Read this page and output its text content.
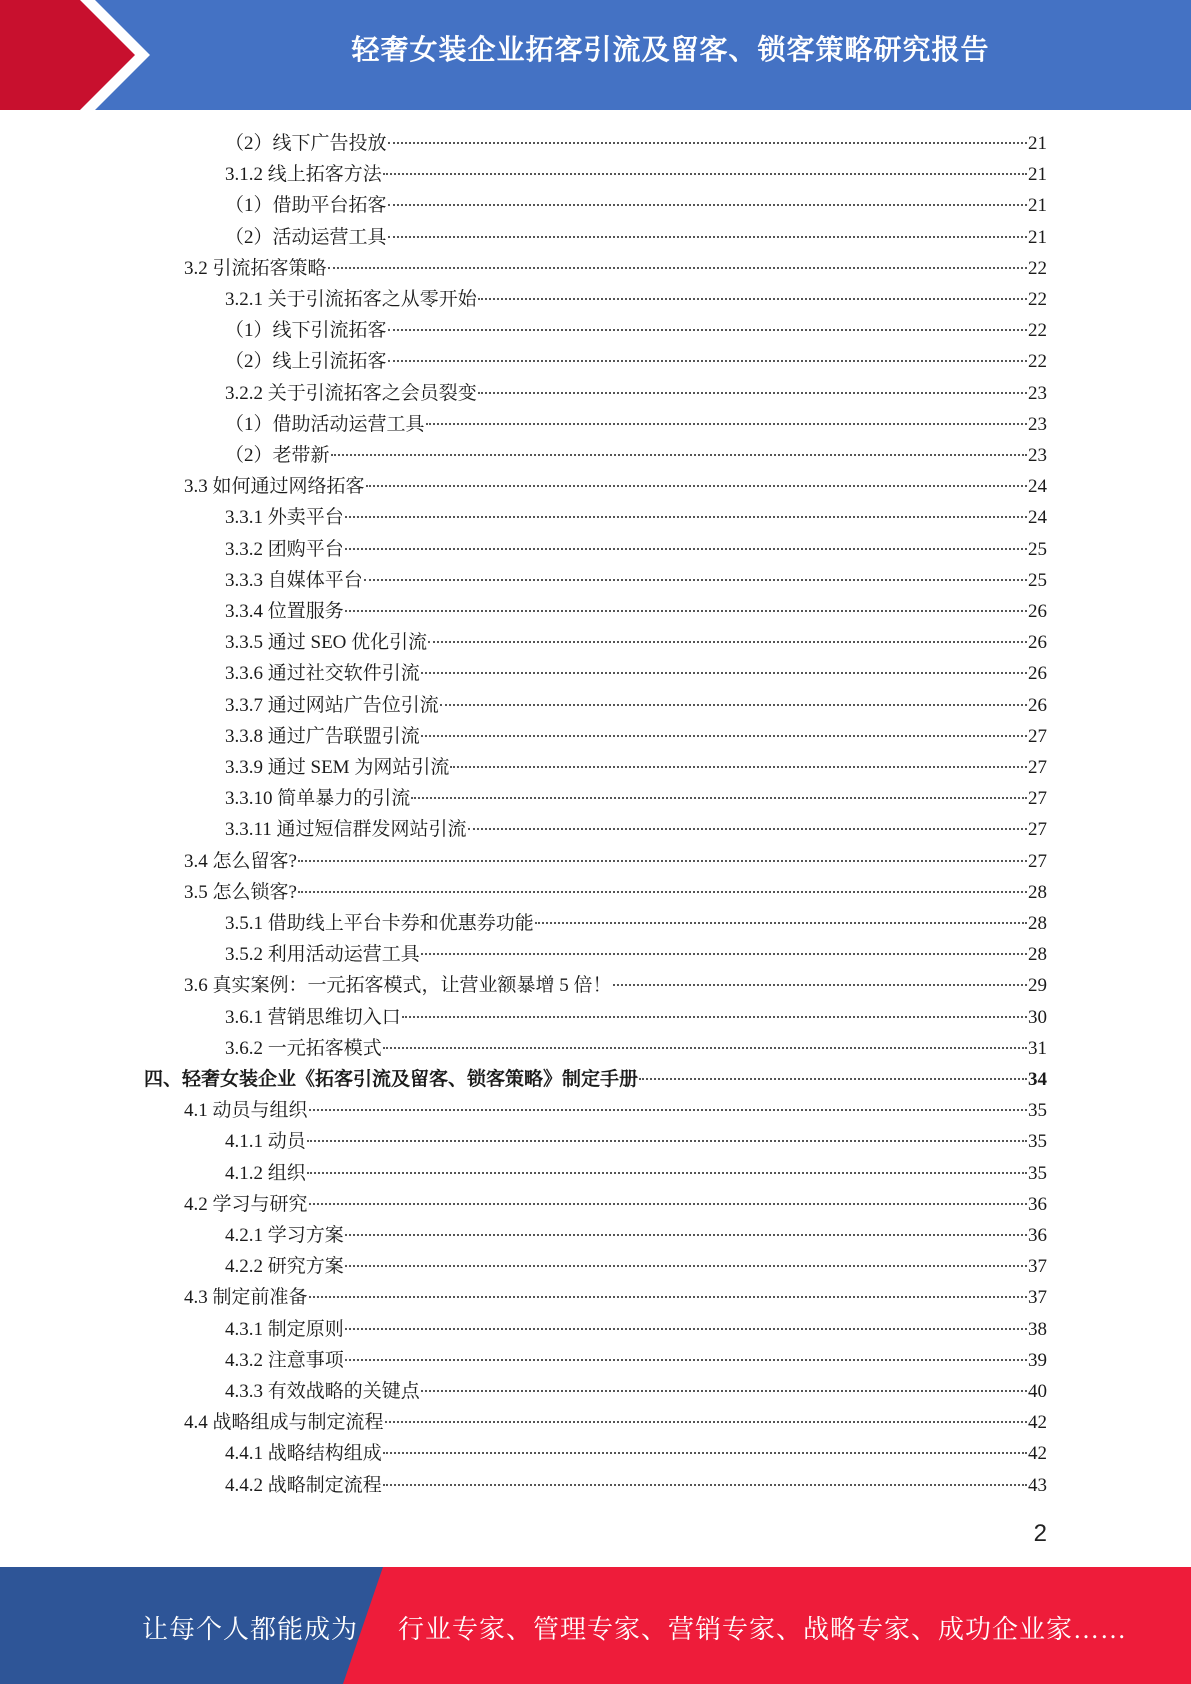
轻奢女装企业拓客引流及留客、锁客策略研究报告
（2）线下广告投放	21
3.1.2 线上拓客方法	21
（1）借助平台拓客	21
（2）活动运营工具	21
3.2 引流拓客策略	22
3.2.1 关于引流拓客之从零开始	22
（1）线下引流拓客	22
（2）线上引流拓客	22
3.2.2 关于引流拓客之会员裂变	23
（1）借助活动运营工具	23
（2）老带新	23
3.3 如何通过网络拓客	24
3.3.1 外卖平台	24
3.3.2 团购平台	25
3.3.3 自媒体平台	25
3.3.4 位置服务	26
3.3.5 通过 SEO 优化引流	26
3.3.6 通过社交软件引流	26
3.3.7 通过网站广告位引流	26
3.3.8 通过广告联盟引流	27
3.3.9 通过 SEM 为网站引流	27
3.3.10 简单暴力的引流	27
3.3.11 通过短信群发网站引流	27
3.4 怎么留客?	27
3.5 怎么锁客?	28
3.5.1 借助线上平台卡券和优惠券功能	28
3.5.2 利用活动运营工具	28
3.6 真实案例：一元拓客模式，让营业额暴增 5 倍！	29
3.6.1 营销思维切入口	30
3.6.2 一元拓客模式	31
四、轻奢女装企业《拓客引流及留客、锁客策略》制定手册	34
4.1 动员与组织	35
4.1.1 动员	35
4.1.2 组织	35
4.2 学习与研究	36
4.2.1 学习方案	36
4.2.2 研究方案	37
4.3 制定前准备	37
4.3.1 制定原则	38
4.3.2 注意事项	39
4.3.3 有效战略的关键点	40
4.4 战略组成与制定流程	42
4.4.1 战略结构组成	42
4.4.2 战略制定流程	43
2
让每个人都能成为 行业专家、管理专家、营销专家、战略专家、成功企业家……
